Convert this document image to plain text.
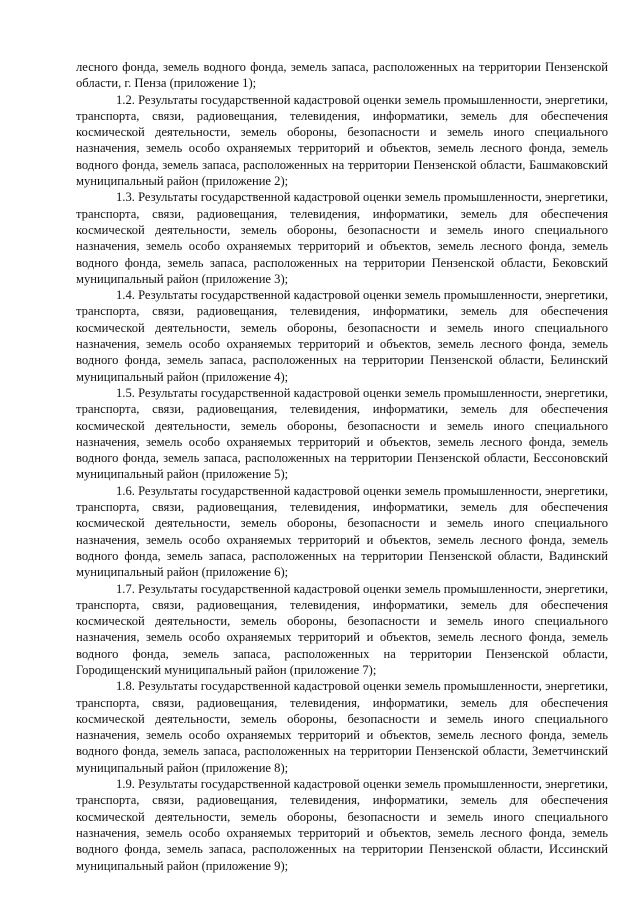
лесного фонда, земель водного фонда, земель запаса, расположенных на территории Пензенской области, г. Пенза (приложение 1);

1.2. Результаты государственной кадастровой оценки земель промышленности, энергетики, транспорта, связи, радиовещания, телевидения, информатики, земель для обеспечения космической деятельности, земель обороны, безопасности и земель иного специального назначения, земель особо охраняемых территорий и объектов, земель лесного фонда, земель водного фонда, земель запаса, расположенных на территории Пензенской области, Башмаковский муниципальный район (приложение 2);

1.3. Результаты государственной кадастровой оценки земель промышленности, энергетики, транспорта, связи, радиовещания, телевидения, информатики, земель для обеспечения космической деятельности, земель обороны, безопасности и земель иного специального назначения, земель особо охраняемых территорий и объектов, земель лесного фонда, земель водного фонда, земель запаса, расположенных на территории Пензенской области, Бековский муниципальный район (приложение 3);

1.4. Результаты государственной кадастровой оценки земель промышленности, энергетики, транспорта, связи, радиовещания, телевидения, информатики, земель для обеспечения космической деятельности, земель обороны, безопасности и земель иного специального назначения, земель особо охраняемых территорий и объектов, земель лесного фонда, земель водного фонда, земель запаса, расположенных на территории Пензенской области, Белинский муниципальный район (приложение 4);

1.5. Результаты государственной кадастровой оценки земель промышленности, энергетики, транспорта, связи, радиовещания, телевидения, информатики, земель для обеспечения космической деятельности, земель обороны, безопасности и земель иного специального назначения, земель особо охраняемых территорий и объектов, земель лесного фонда, земель водного фонда, земель запаса, расположенных на территории Пензенской области, Бессоновский муниципальный район (приложение 5);

1.6. Результаты государственной кадастровой оценки земель промышленности, энергетики, транспорта, связи, радиовещания, телевидения, информатики, земель для обеспечения космической деятельности, земель обороны, безопасности и земель иного специального назначения, земель особо охраняемых территорий и объектов, земель лесного фонда, земель водного фонда, земель запаса, расположенных на территории Пензенской области, Вадинский муниципальный район (приложение 6);

1.7. Результаты государственной кадастровой оценки земель промышленности, энергетики, транспорта, связи, радиовещания, телевидения, информатики, земель для обеспечения космической деятельности, земель обороны, безопасности и земель иного специального назначения, земель особо охраняемых территорий и объектов, земель лесного фонда, земель водного фонда, земель запаса, расположенных на территории Пензенской области, Городищенский муниципальный район (приложение 7);

1.8. Результаты государственной кадастровой оценки земель промышленности, энергетики, транспорта, связи, радиовещания, телевидения, информатики, земель для обеспечения космической деятельности, земель обороны, безопасности и земель иного специального назначения, земель особо охраняемых территорий и объектов, земель лесного фонда, земель водного фонда, земель запаса, расположенных на территории Пензенской области, Земетчинский муниципальный район (приложение 8);

1.9. Результаты государственной кадастровой оценки земель промышленности, энергетики, транспорта, связи, радиовещания, телевидения, информатики, земель для обеспечения космической деятельности, земель обороны, безопасности и земель иного специального назначения, земель особо охраняемых территорий и объектов, земель лесного фонда, земель водного фонда, земель запаса, расположенных на территории Пензенской области, Иссинский муниципальный район (приложение 9);
